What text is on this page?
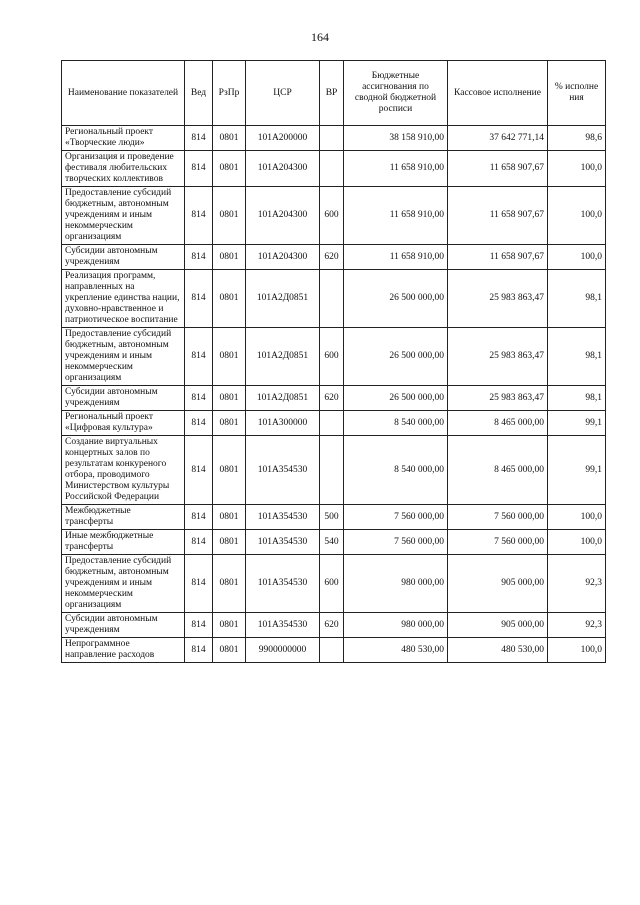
164
Наименование показателей	Вед	РзПр	ЦСР	ВР	Бюджетные ассигнования по сводной бюджетной росписи	Кассовое исполнение	% исполне ния
Региональный проект «Творческие люди»	814	0801	101A200000		38 158 910,00	37 642 771,14	98,6
Организация и проведение фестиваля любительских творческих коллективов	814	0801	101A204300		11 658 910,00	11 658 907,67	100,0
Предоставление субсидий бюджетным, автономным учреждениям и иным некоммерческим организациям	814	0801	101A204300	600	11 658 910,00	11 658 907,67	100,0
Субсидии автономным учреждениям	814	0801	101A204300	620	11 658 910,00	11 658 907,67	100,0
Реализация программ, направленных на укрепление единства нации, духовно-нравственное и патриотическое воспитание	814	0801	101A2Д0851		26 500 000,00	25 983 863,47	98,1
Предоставление субсидий бюджетным, автономным учреждениям и иным некоммерческим организациям	814	0801	101A2Д0851	600	26 500 000,00	25 983 863,47	98,1
Субсидии автономным учреждениям	814	0801	101A2Д0851	620	26 500 000,00	25 983 863,47	98,1
Региональный проект «Цифровая культура»	814	0801	101A300000		8 540 000,00	8 465 000,00	99,1
Создание виртуальных концертных залов по результатам конкуреного отбора, проводимого Министерством культуры Российской Федерации	814	0801	101A354530		8 540 000,00	8 465 000,00	99,1
Межбюджетные трансферты	814	0801	101A354530	500	7 560 000,00	7 560 000,00	100,0
Иные межбюджетные трансферты	814	0801	101A354530	540	7 560 000,00	7 560 000,00	100,0
Предоставление субсидий бюджетным, автономным учреждениям и иным некоммерческим организациям	814	0801	101A354530	600	980 000,00	905 000,00	92,3
Субсидии автономным учреждениям	814	0801	101A354530	620	980 000,00	905 000,00	92,3
Непрограммное направление расходов	814	0801	9900000000		480 530,00	480 530,00	100,0
